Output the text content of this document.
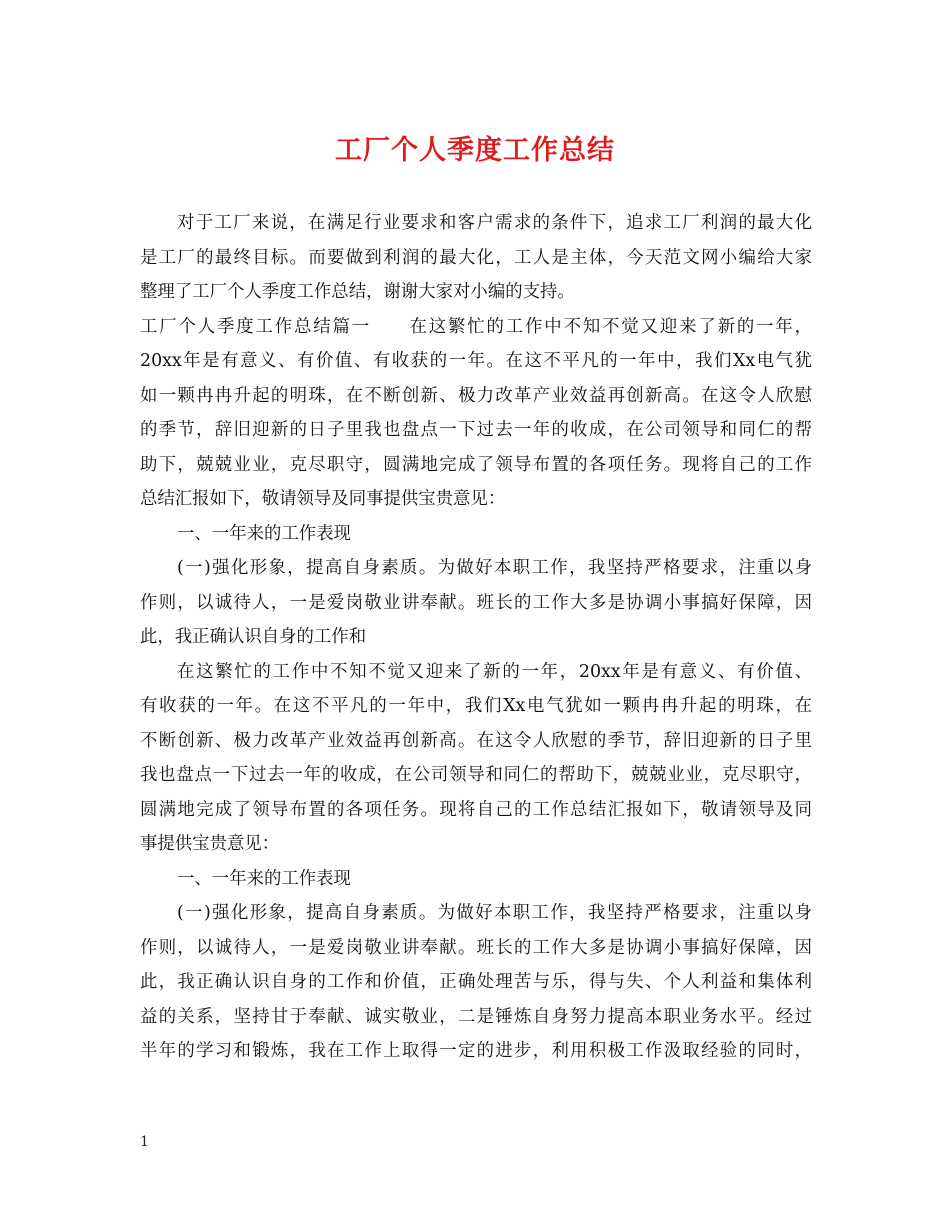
工厂个人季度工作总结
对于工厂来说，在满足行业要求和客户需求的条件下，追求工厂利润的最大化
是工厂的最终目标。而要做到利润的最大化，工人是主体，今天范文网小编给大家
整理了工厂个人季度工作总结，谢谢大家对小编的支持。
工厂个人季度工作总结篇一　　在这繁忙的工作中不知不觉又迎来了新的一年，
20xx年是有意义、有价值、有收获的一年。在这不平凡的一年中，我们Xx电气犹
如一颗冉冉升起的明珠，在不断创新、极力改革产业效益再创新高。在这令人欣慰
的季节，辞旧迎新的日子里我也盘点一下过去一年的收成，在公司领导和同仁的帮
助下，兢兢业业，克尽职守，圆满地完成了领导布置的各项任务。现将自己的工作
总结汇报如下，敬请领导及同事提供宝贵意见：
一、一年来的工作表现
(一)强化形象，提高自身素质。为做好本职工作，我坚持严格要求，注重以身
作则，以诚待人，一是爱岗敬业讲奉献。班长的工作大多是协调小事搞好保障，因
此，我正确认识自身的工作和
在这繁忙的工作中不知不觉又迎来了新的一年，20xx年是有意义、有价值、
有收获的一年。在这不平凡的一年中，我们Xx电气犹如一颗冉冉升起的明珠，在
不断创新、极力改革产业效益再创新高。在这令人欣慰的季节，辞旧迎新的日子里
我也盘点一下过去一年的收成，在公司领导和同仁的帮助下，兢兢业业，克尽职守，
圆满地完成了领导布置的各项任务。现将自己的工作总结汇报如下，敬请领导及同
事提供宝贵意见：
一、一年来的工作表现
(一)强化形象，提高自身素质。为做好本职工作，我坚持严格要求，注重以身
作则，以诚待人，一是爱岗敬业讲奉献。班长的工作大多是协调小事搞好保障，因
此，我正确认识自身的工作和价值，正确处理苦与乐，得与失、个人利益和集体利
益的关系，坚持甘于奉献、诚实敬业，二是锤炼自身努力提高本职业务水平。经过
半年的学习和锻炼，我在工作上取得一定的进步，利用积极工作汲取经验的同时，
1
